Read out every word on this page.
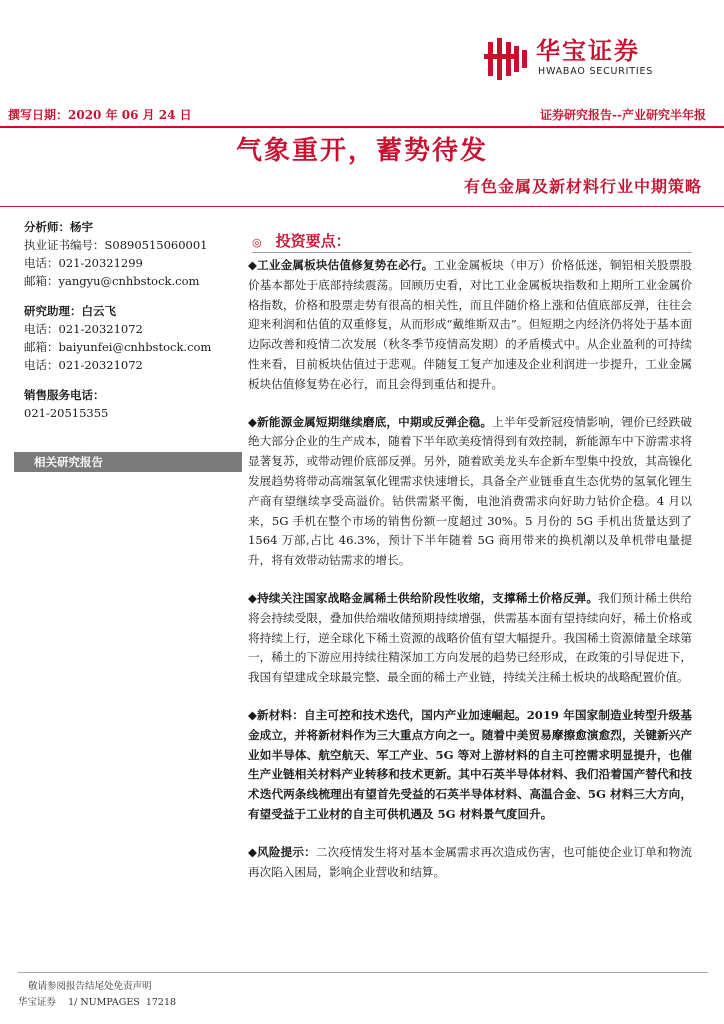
华宝证券
HWABAO SECURITIES
撰写日期：2020 年 06 月 24 日	证券研究报告--产业研究半年报
气象重开，蓄势待发
有色金属及新材料行业中期策略
分析师：杨宇
执业证书编号：S0890515060001
电话：021-20321299
邮箱：yangyu@cnhbstock.com
研究助理：白云飞
电话：021-20321072
邮箱：baiyunfei@cnhbstock.com
电话：021-20321072
销售服务电话：
021-20515355
相关研究报告
◎ 投资要点：

◆工业金属板块估值修复势在必行。工业金属板块（申万）价格低迷，铜铝相关股票股价基本都处于底部持续震荡。回顾历史看，对比工业金属板块指数和上期所工业金属价格指数，价格和股票走势有很高的相关性，而且伴随价格上涨和估值底部反弹，往往会迎来利润和估值的双重修复，从而形成“戴维斯双击”。但短期之内经济仍将处于基本面边际改善和疫情二次发展（秋冬季节疫情高发期）的矛盾模式中。从企业盈利的可持续性来看，目前板块估值过于悲观。伴随复工复产加速及企业利润进一步提升，工业金属板块估值修复势在必行，而且会得到重估和提升。

◆新能源金属短期继续磨底，中期或反弹企稳。上半年受新冠疫情影响，锂价已经跌破绝大部分企业的生产成本，随着下半年欧美疫情得到有效控制，新能源车中下游需求将显著复苏，或带动锂价底部反弹。另外，随着欧美龙头车企新车型集中投放，其高镍化发展趋势将带动高端氢氧化锂需求快速增长，具备全产业链垂直生态优势的氢氧化锂生产商有望继续享受高溢价。钴供需紧平衡，电池消费需求向好助力钴价企稳。4 月以来，5G 手机在整个市场的销售份额一度超过 30%。5 月份的 5G 手机出货量达到了 1564 万部,占比 46.3%，预计下半年随着 5G 商用带来的换机潮以及单机带电量提升，将有效带动钴需求的增长。

◆持续关注国家战略金属稀土供给阶段性收缩，支撑稀土价格反弹。我们预计稀土供给将会持续受限，叠加供给端收储预期持续增强，供需基本面有望持续向好，稀土价格或将持续上行，逆全球化下稀土资源的战略价值有望大幅提升。我国稀土资源储量全球第一，稀土的下游应用持续往精深加工方向发展的趋势已经形成，在政策的引导促进下，我国有望建成全球最完整、最全面的稀土产业链，持续关注稀土板块的战略配置价值。

◆新材料：自主可控和技术迭代，国内产业加速崛起。2019 年国家制造业转型升级基金成立，并将新材料作为三大重点方向之一。随着中美贸易摩擦愈演愈烈，关键新兴产业如半导体、航空航天、军工产业、5G 等对上游材料的自主可控需求明显提升，也催生产业链相关材料产业转移和技术更新。其中石英半导体材料、我们沿着国产替代和技术迭代两条线梳理出有望首先受益的石英半导体材料、高温合金、5G 材料三大方向，有望受益于工业材的自主可供机遇及 5G 材料景气度回升。

◆风险提示：二次疫情发生将对基本金属需求再次造成伤害，也可能使企业订单和物流再次陷入困局，影响企业营收和结算。

敬请参阅报告结尾处免责声明
华宝证券    1/ NUMPAGES  17218
